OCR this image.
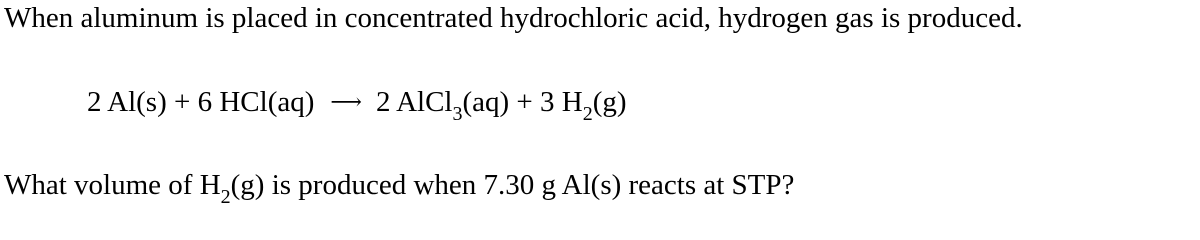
When aluminum is placed in concentrated hydrochloric acid, hydrogen gas is produced.
2 Al(s) + 6 HCl(aq) ⟶ 2 AlCl$_3$(aq) + 3 $H_2(g)$
What volume of $H_2(g)$ is produced when 7.30 g Al(s) reacts at STP?
